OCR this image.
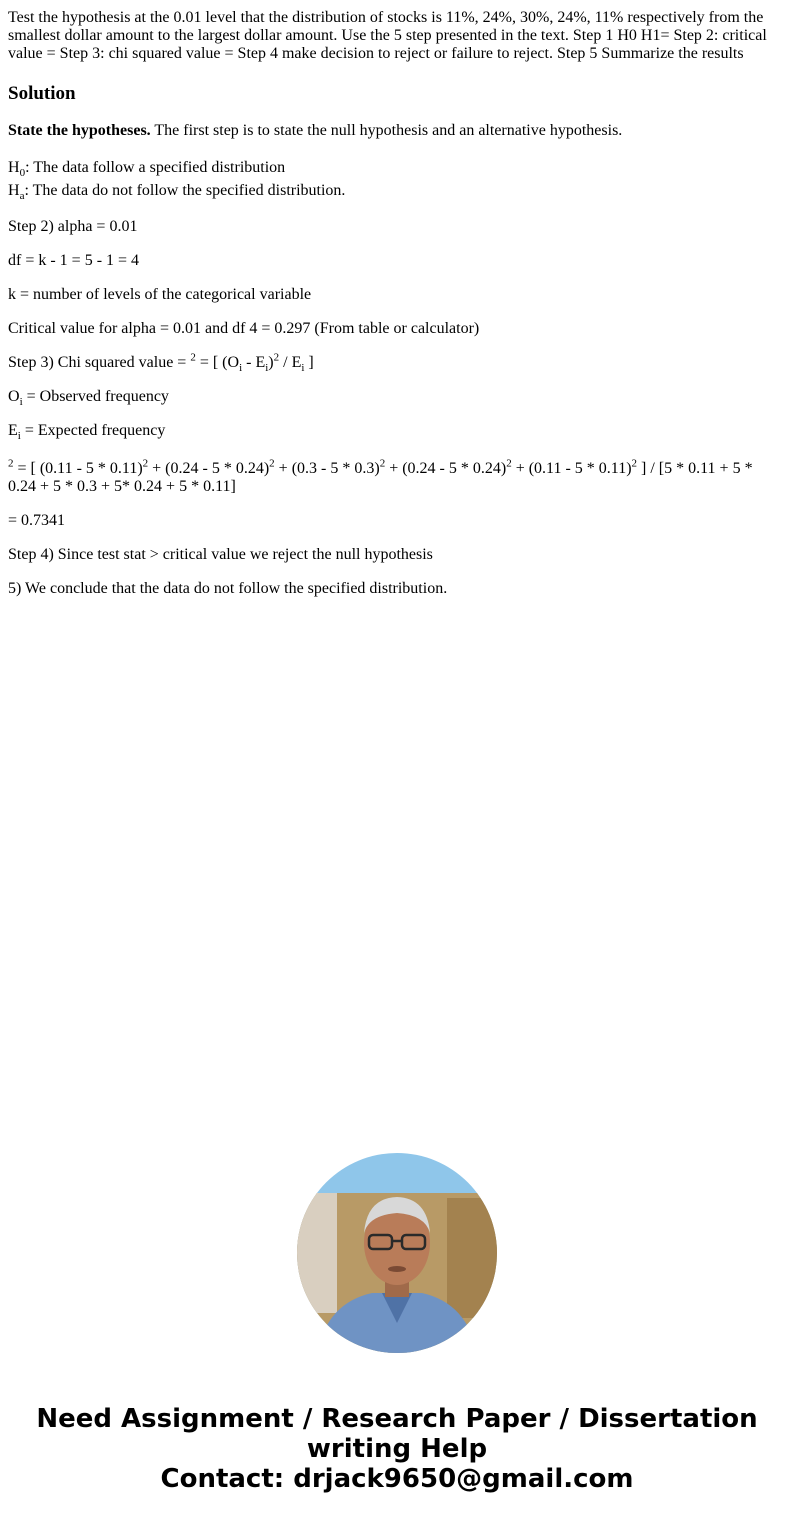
Test the hypothesis at the 0.01 level that the distribution of stocks is 11%, 24%, 30%, 24%, 11% respectively from the smallest dollar amount to the largest dollar amount. Use the 5 step presented in the text. Step 1 H0 H1= Step 2: critical value = Step 3: chi squared value = Step 4 make decision to reject or failure to reject. Step 5 Summarize the results

Solution

State the hypotheses. The first step is to state the null hypothesis and an alternative hypothesis.

$H_0$: The data follow a specified distribution
$H_a$: The data do not follow the specified distribution.

Step 2) alpha = 0.01

df = k - 1 = 5 - 1 = 4

k = number of levels of the categorical variable

Critical value for alpha = 0.01 and df 4 = 0.297 (From table or calculator)

Step 3) Chi squared value = $^2$ = [ $(O_i - E_i)^2 / E_i$ ]

$O_i$ = Observed frequency

$E_i$ = Expected frequency

$^2$ = [ (0.11 - 5 * 0.11)$^2$ + (0.24 - 5 * 0.24)$^2$ + (0.3 - 5 * 0.3)$^2$ + (0.24 - 5 * 0.24)$^2$ + (0.11 - 5 * 0.11)$^2$ ] / [5 * 0.11 + 5 * 0.24 + 5 * 0.3 + 5* 0.24 + 5 * 0.11]

= 0.7341

Step 4) Since test stat > critical value we reject the null hypothesis

5) We conclude that the data do not follow the specified distribution.

Need Assignment / Research Paper / Dissertation
writing Help
Contact: drjack9650@gmail.com
